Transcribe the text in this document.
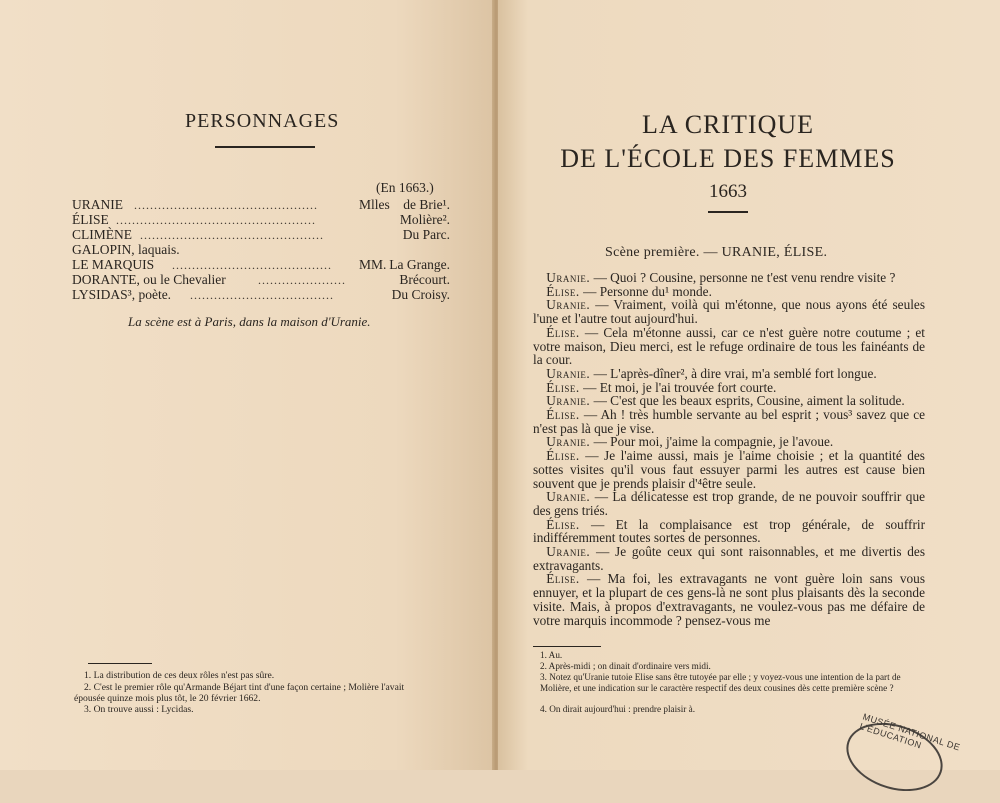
PERSONNAGES
(En 1663.)
URANIE ..............................................	Mlles de Brie¹.
ÉLISE ..................................................	Molière².
CLIMÈNE ..............................................	Du Parc.
GALOPIN, laquais.
LE MARQUIS ........................................	MM. La Grange.
DORANTE, ou le Chevalier	......................	Brécourt.
LYSIDAS³, poète. ....................................	Du Croisy.
La scène est à Paris, dans la maison d'Uranie.
1. La distribution de ces deux rôles n'est pas sûre.
2. C'est le premier rôle qu'Armande Béjart tint d'une façon certaine ; Molière l'avait
épousée quinze mois plus tôt, le 20 février 1662.
3. On trouve aussi : Lycidas.
LA CRITIQUE
DE L'ÉCOLE DES FEMMES
1663
Scène première. — URANIE, ÉLISE.

 Uranie. — Quoi ? Cousine, personne ne t'est venu rendre visite ?

 Élise. — Personne du¹ monde.

 Uranie. — Vraiment, voilà qui m'étonne, que nous ayons été seules l'une et l'autre tout aujourd'hui.

 Élise. — Cela m'étonne aussi, car ce n'est guère notre coutume ; et votre maison, Dieu merci, est le refuge ordinaire de tous les fainéants de la cour.

 Uranie. — L'après-dîner², à dire vrai, m'a semblé fort longue.

 Élise. — Et moi, je l'ai trouvée fort courte.

 Uranie. — C'est que les beaux esprits, Cousine, aiment la solitude.

 Élise. — Ah ! très humble servante au bel esprit ; vous³ savez que ce n'est pas là que je vise.

 Uranie. — Pour moi, j'aime la compagnie, je l'avoue.

 Élise. — Je l'aime aussi, mais je l'aime choisie ; et la quantité des sottes visites qu'il vous faut essuyer parmi les autres est cause bien souvent que je prends plaisir d'⁴être seule.

 Uranie. — La délicatesse est trop grande, de ne pouvoir souffrir que des gens triés.

 Élise. — Et la complaisance est trop générale, de souffrir indifféremment toutes sortes de personnes.

 Uranie. — Je goûte ceux qui sont raisonnables, et me divertis des extravagants.

 Élise. — Ma foi, les extravagants ne vont guère loin sans vous ennuyer, et la plupart de ces gens-là ne sont plus plaisants dès la seconde visite. Mais, à propos d'extravagants, ne voulez-vous pas me défaire de votre marquis incommode ? pensez-vous me

1. Au.
2. Après-midi ; on dinait d'ordinaire vers midi.
3. Notez qu'Uranie tutoie Elise sans être tutoyée par elle ; y voyez-vous une intention de la part de Molière, et une indication sur le caractère respectif des deux cousines dès cette première scène ?
4. On dirait aujourd'hui : prendre plaisir à.
MUSÉE NATIONAL DE L'ÉDUCATION
